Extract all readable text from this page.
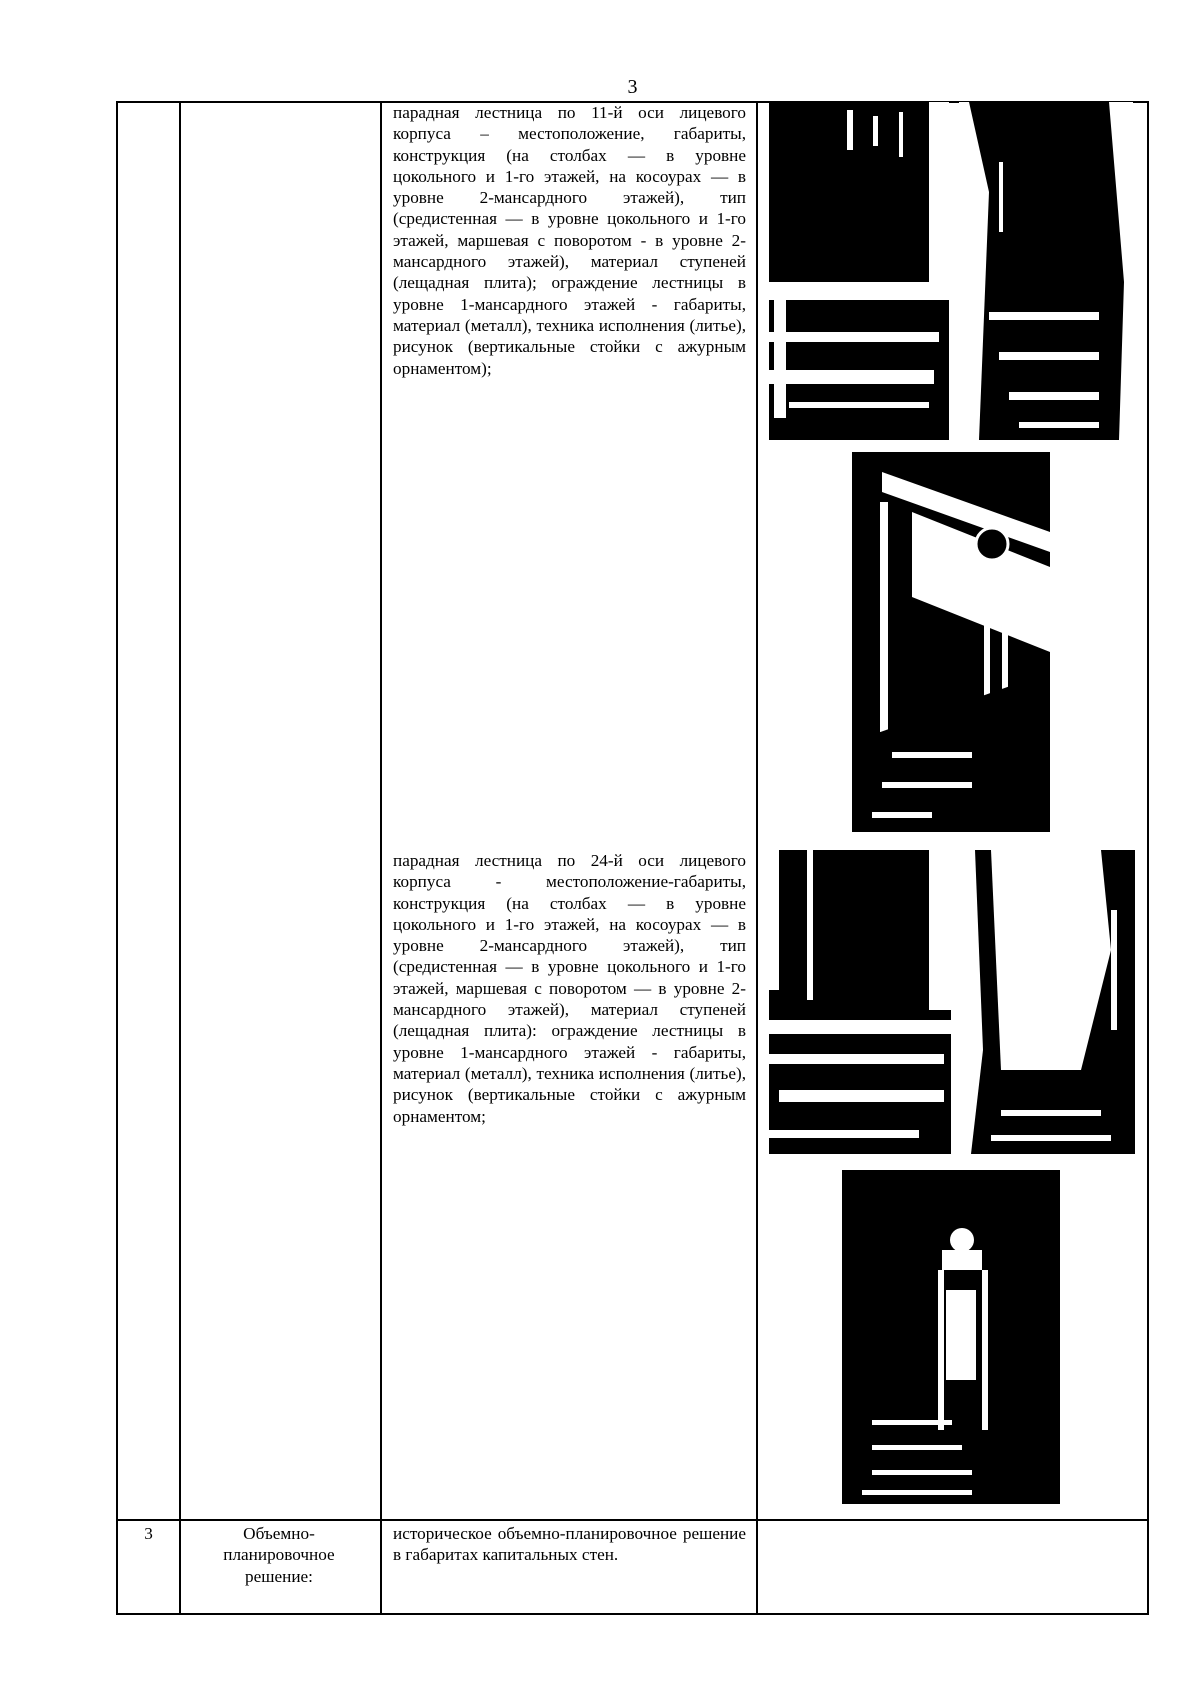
3
парадная лестница по 11-й оси лицевого корпуса – местоположение, габариты, конструкция (на столбах — в уровне цокольного и 1-го этажей, на косоурах — в уровне 2-мансардного этажей), тип (средистенная — в уровне цокольного и 1-го этажей, маршевая с поворотом - в уровне 2-мансардного этажей), материал ступеней (лещадная плита); ограждение лестницы в уровне 1-мансардного этажей - габариты, материал (металл), техника исполнения (литье), рисунок (вертикальные стойки с ажурным орнаментом);
парадная лестница по 24-й оси лицевого корпуса - местоположение-габариты, конструкция (на столбах — в уровне цокольного и 1-го этажей, на косоурах — в уровне 2-мансардного этажей), тип (средистенная — в уровне цокольного и 1-го этажей, маршевая с поворотом — в уровне 2-мансардного этажей), материал ступеней (лещадная плита): ограждение лестницы в уровне 1-мансардного этажей - габариты, материал (металл), техника исполнения (литье), рисунок (вертикальные стойки с ажурным орнаментом;
3	Объемно-планировочное решение:
историческое объемно-планировочное решение в габаритах капитальных стен.
